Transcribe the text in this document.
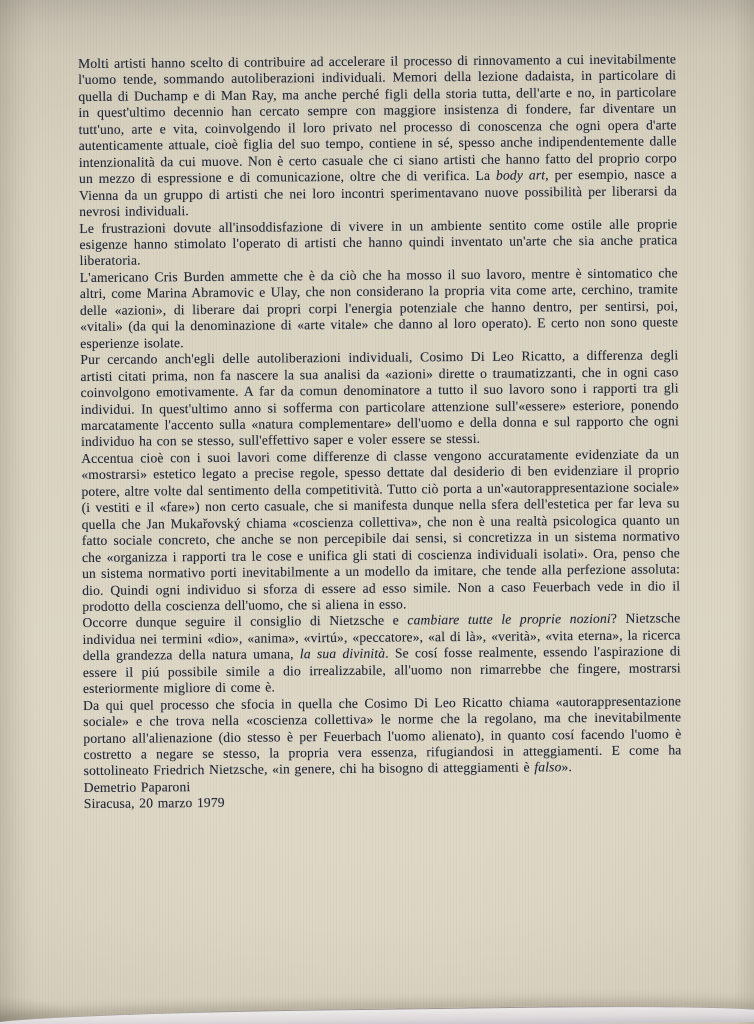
Molti artisti hanno scelto di contribuire ad accelerare il processo di rinnovamento a cui inevitabilmente l'uomo tende, sommando autoliberazioni individuali. Memori della lezione dadaista, in particolare di quella di Duchamp e di Man Ray, ma anche perché figli della storia tutta, dell'arte e no, in particolare in quest'ultimo decennio han cercato sempre con maggiore insistenza di fondere, far diventare un tutt'uno, arte e vita, coinvolgendo il loro privato nel processo di conoscenza che ogni opera d'arte autenticamente attuale, cioè figlia del suo tempo, contiene in sé, spesso anche indipendentemente dalle intenzionalità da cui muove. Non è certo casuale che ci siano artisti che hanno fatto del proprio corpo un mezzo di espressione e di comunicazione, oltre che di verifica. La body art, per esempio, nasce a Vienna da un gruppo di artisti che nei loro incontri sperimentavano nuove possibilità per liberarsi da nevrosi individuali.

Le frustrazioni dovute all'insoddisfazione di vivere in un ambiente sentito come ostile alle proprie esigenze hanno stimolato l'operato di artisti che hanno quindi inventato un'arte che sia anche pratica liberatoria.

L'americano Cris Burden ammette che è da ciò che ha mosso il suo lavoro, mentre è sintomatico che altri, come Marina Abramovic e Ulay, che non considerano la propria vita come arte, cerchino, tramite delle «azioni», di liberare dai propri corpi l'energia potenziale che hanno dentro, per sentirsi, poi, «vitali» (da qui la denominazione di «arte vitale» che danno al loro operato). E certo non sono queste esperienze isolate.

Pur cercando anch'egli delle autoliberazioni individuali, Cosimo Di Leo Ricatto, a differenza degli artisti citati prima, non fa nascere la sua analisi da «azioni» dirette o traumatizzanti, che in ogni caso coinvolgono emotivamente. A far da comun denominatore a tutto il suo lavoro sono i rapporti tra gli individui. In quest'ultimo anno si sofferma con particolare attenzione sull'«essere» esteriore, ponendo marcatamente l'accento sulla «natura complementare» dell'uomo e della donna e sul rapporto che ogni individuo ha con se stesso, sull'effettivo saper e voler essere se stessi.

Accentua cioè con i suoi lavori come differenze di classe vengono accuratamente evidenziate da un «mostrarsi» estetico legato a precise regole, spesso dettate dal desiderio di ben evidenziare il proprio potere, altre volte dal sentimento della competitività. Tutto ciò porta a un'«autorappresentazione sociale» (i vestiti e il «fare») non certo casuale, che si manifesta dunque nella sfera dell'estetica per far leva su quella che Jan Mukařovský chiama «coscienza collettiva», che non è una realtà psicologica quanto un fatto sociale concreto, che anche se non percepibile dai sensi, si concretizza in un sistema normativo che «organizza i rapporti tra le cose e unifica gli stati di coscienza individuali isolati». Ora, penso che un sistema normativo porti inevitabilmente a un modello da imitare, che tende alla perfezione assoluta: dio. Quindi ogni individuo si sforza di essere ad esso simile. Non a caso Feuerbach vede in dio il prodotto della coscienza dell'uomo, che si aliena in esso.

Occorre dunque seguire il consiglio di Nietzsche e cambiare tutte le proprie nozioni? Nietzsche individua nei termini «dio», «anima», «virtú», «peccatore», «al di là», «verità», «vita eterna», la ricerca della grandezza della natura umana, la sua divinità. Se cosí fosse realmente, essendo l'aspirazione di essere il piú possibile simile a dio irrealizzabile, all'uomo non rimarrebbe che fingere, mostrarsi esteriormente migliore di come è.

Da qui quel processo che sfocia in quella che Cosimo Di Leo Ricatto chiama «autorappresentazione sociale» e che trova nella «coscienza collettiva» le norme che la regolano, ma che inevitabilmente portano all'alienazione (dio stesso è per Feuerbach l'uomo alienato), in quanto cosí facendo l'uomo è costretto a negare se stesso, la propria vera essenza, rifugiandosi in atteggiamenti. E come ha sottolineato Friedrich Nietzsche, «in genere, chi ha bisogno di atteggiamenti è falso».

Demetrio Paparoni

Siracusa, 20 marzo 1979
